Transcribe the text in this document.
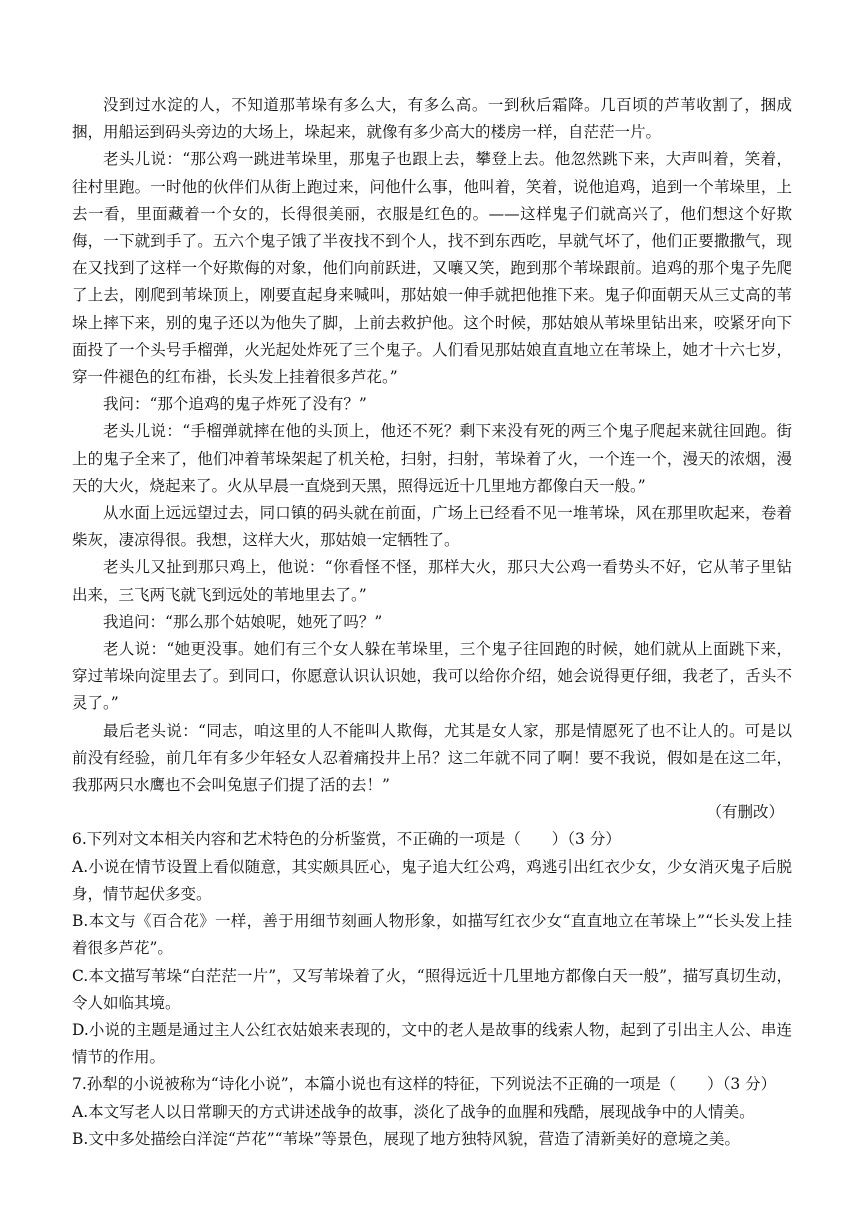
没到过水淀的人，不知道那苇垛有多么大，有多么高。一到秋后霜降。几百顷的芦苇收割了，捆成捆，用船运到码头旁边的大场上，垛起来，就像有多少高大的楼房一样，自茫茫一片。

老头儿说：“那公鸡一跳进苇垛里，那鬼子也跟上去，攀登上去。他忽然跳下来，大声叫着，笑着，往村里跑。一时他的伙伴们从街上跑过来，问他什么事，他叫着，笑着，说他追鸡，追到一个苇垛里，上去一看，里面藏着一个女的，长得很美丽，衣服是红色的。——这样鬼子们就高兴了，他们想这个好欺侮，一下就到手了。五六个鬼子饿了半夜找不到个人，找不到东西吃，早就气坏了，他们正要撒撒气，现在又找到了这样一个好欺侮的对象，他们向前跃进，又嚷又笑，跑到那个苇垛跟前。追鸡的那个鬼子先爬了上去，刚爬到苇垛顶上，刚要直起身来喊叫，那姑娘一伸手就把他推下来。鬼子仰面朝天从三丈高的苇垛上摔下来，别的鬼子还以为他失了脚，上前去救护他。这个时候，那姑娘从苇垛里钻出来，咬紧牙向下面投了一个头号手榴弹，火光起处炸死了三个鬼子。人们看见那姑娘直直地立在苇垛上，她才十六七岁，穿一件褪色的红布褂，长头发上挂着很多芦花。”

我问：“那个追鸡的鬼子炸死了没有？”

老头儿说：“手榴弹就摔在他的头顶上，他还不死？剩下来没有死的两三个鬼子爬起来就往回跑。街上的鬼子全来了，他们冲着苇垛架起了机关枪，扫射，扫射，苇垛着了火，一个连一个，漫天的浓烟，漫天的大火，烧起来了。火从早晨一直烧到天黑，照得远近十几里地方都像白天一般。”

从水面上远远望过去，同口镇的码头就在前面，广场上已经看不见一堆苇垛，风在那里吹起来，卷着柴灰，凄凉得很。我想，这样大火，那姑娘一定牺牲了。

老头儿又扯到那只鸡上，他说：“你看怪不怪，那样大火，那只大公鸡一看势头不好，它从苇子里钻出来，三飞两飞就飞到远处的苇地里去了。”

我追问：“那么那个姑娘呢，她死了吗？”

老人说：“她更没事。她们有三个女人躲在苇垛里，三个鬼子往回跑的时候，她们就从上面跳下来，穿过苇垛向淀里去了。到同口，你愿意认识认识她，我可以给你介绍，她会说得更仔细，我老了，舌头不灵了。”

最后老头说：“同志，咱这里的人不能叫人欺侮，尤其是女人家，那是情愿死了也不让人的。可是以前没有经验，前几年有多少年轻女人忍着痛投井上吊？这二年就不同了啊！要不我说，假如是在这二年，我那两只水鹰也不会叫兔崽子们提了活的去！”

（有删改）

6.下列对文本相关内容和艺术特色的分析鉴赏，不正确的一项是（　　）（3 分）

A.小说在情节设置上看似随意，其实颇具匠心，鬼子追大红公鸡，鸡逃引出红衣少女，少女消灭鬼子后脱身，情节起伏多变。

B.本文与《百合花》一样，善于用细节刻画人物形象，如描写红衣少女“直直地立在苇垛上”“长头发上挂着很多芦花”。

C.本文描写苇垛“白茫茫一片”，又写苇垛着了火，“照得远近十几里地方都像白天一般”，描写真切生动，令人如临其境。

D.小说的主题是通过主人公红衣姑娘来表现的，文中的老人是故事的线索人物，起到了引出主人公、串连情节的作用。

7.孙犁的小说被称为“诗化小说”，本篇小说也有这样的特征，下列说法不正确的一项是（　　）（3 分）

A.本文写老人以日常聊天的方式讲述战争的故事，淡化了战争的血腥和残酷，展现战争中的人情美。

B.文中多处描绘白洋淀“芦花”“苇垛”等景色，展现了地方独特风貌，营造了清新美好的意境之美。
